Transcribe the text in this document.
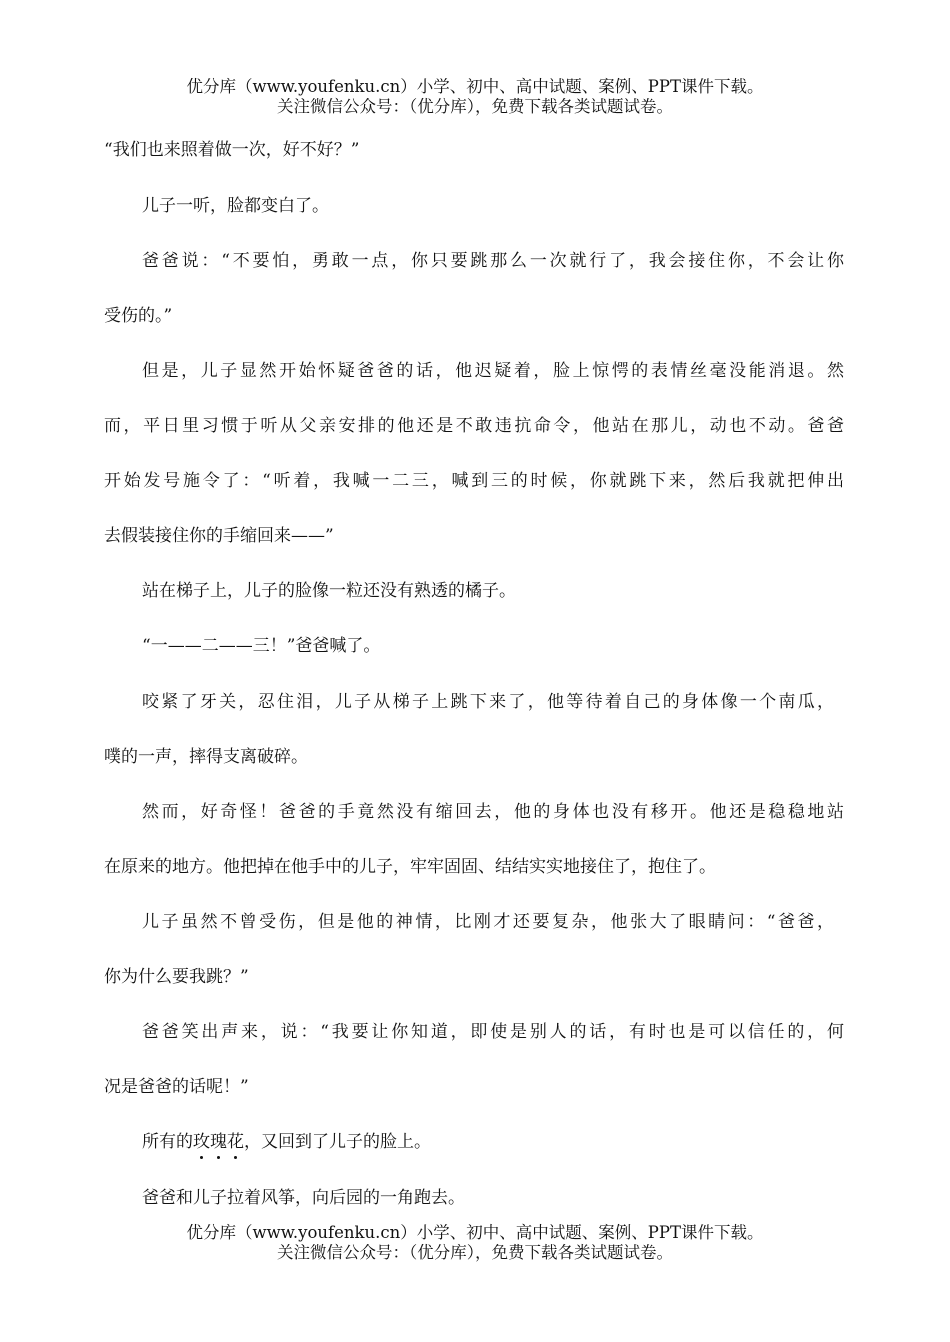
优分库（www.youfenku.cn）小学、初中、高中试题、案例、PPT课件下载。
关注微信公众号：（优分库），免费下载各类试题试卷。
“我们也来照着做一次，好不好？”
儿子一听，脸都变白了。
爸爸说：“不要怕，勇敢一点，你只要跳那么一次就行了，我会接住你，不会让你
受伤的。”
但是，儿子显然开始怀疑爸爸的话，他迟疑着，脸上惊愕的表情丝毫没能消退。然
而，平日里习惯于听从父亲安排的他还是不敢违抗命令，他站在那儿，动也不动。爸爸
开始发号施令了：“听着，我喊一二三，喊到三的时候，你就跳下来，然后我就把伸出
去假装接住你的手缩回来——”
站在梯子上，儿子的脸像一粒还没有熟透的橘子。
“一——二——三！”爸爸喊了。
咬紧了牙关，忍住泪，儿子从梯子上跳下来了，他等待着自己的身体像一个南瓜，
噗的一声，摔得支离破碎。
然而，好奇怪！爸爸的手竟然没有缩回去，他的身体也没有移开。他还是稳稳地站
在原来的地方。他把掉在他手中的儿子，牢牢固固、结结实实地接住了，抱住了。
儿子虽然不曾受伤，但是他的神情，比刚才还要复杂，他张大了眼睛问：“爸爸，
你为什么要我跳？”
爸爸笑出声来，说：“我要让你知道，即使是别人的话，有时也是可以信任的，何
况是爸爸的话呢！”
所有的玫瑰花，又回到了儿子的脸上。
爸爸和儿子拉着风筝，向后园的一角跑去。
优分库（www.youfenku.cn）小学、初中、高中试题、案例、PPT课件下载。
关注微信公众号：（优分库），免费下载各类试题试卷。
